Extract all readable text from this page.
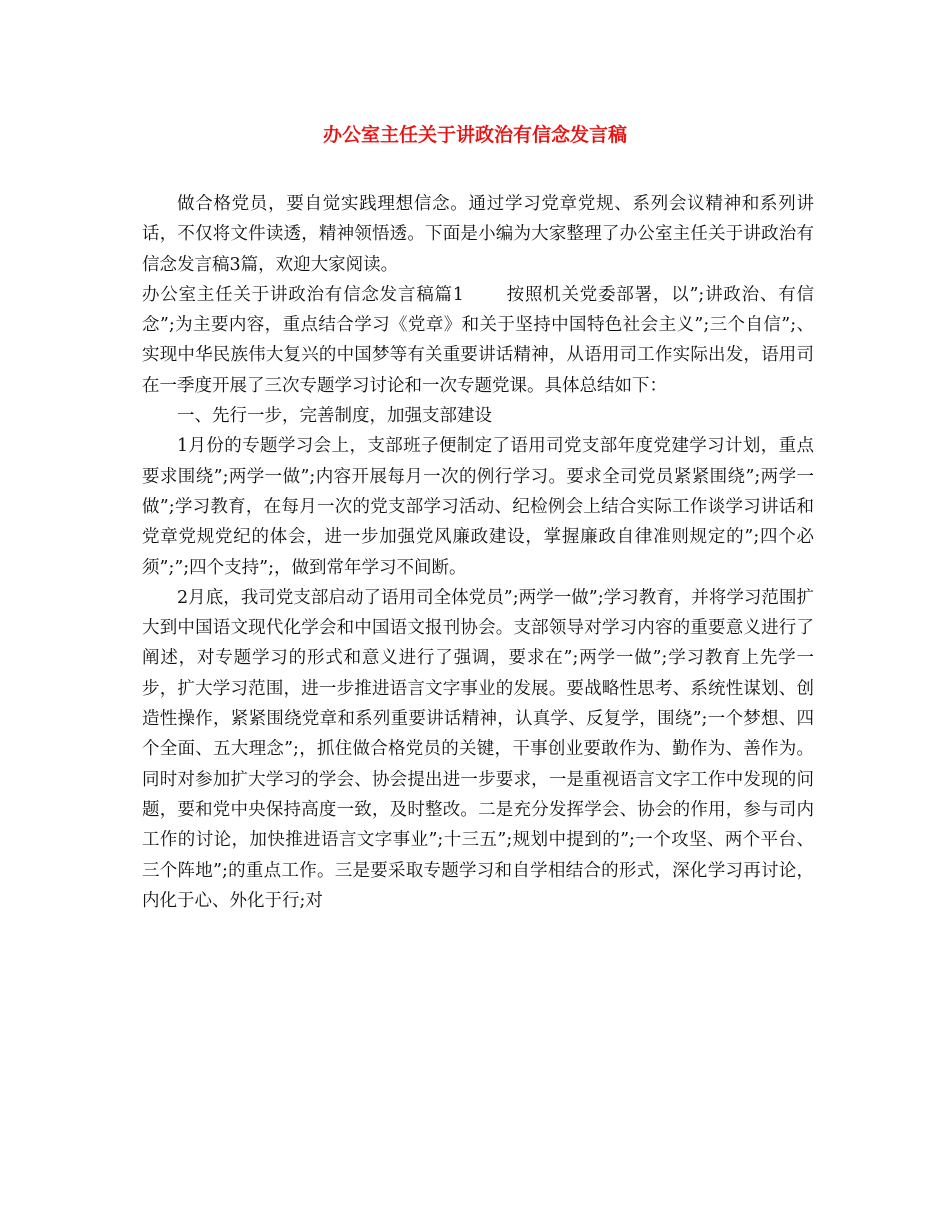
办公室主任关于讲政治有信念发言稿

做合格党员，要自觉实践理想信念。通过学习党章党规、系列会议精神和系列讲话，不仅将文件读透，精神领悟透。下面是小编为大家整理了办公室主任关于讲政治有信念发言稿3篇，欢迎大家阅读。

办公室主任关于讲政治有信念发言稿篇1 按照机关党委部署，以”;讲政治、有信念”;为主要内容，重点结合学习《党章》和关于坚持中国特色社会主义”;三个自信”;、实现中华民族伟大复兴的中国梦等有关重要讲话精神，从语用司工作实际出发，语用司在一季度开展了三次专题学习讨论和一次专题党课。具体总结如下：

一、先行一步，完善制度，加强支部建设

1月份的专题学习会上，支部班子便制定了语用司党支部年度党建学习计划，重点要求围绕”;两学一做”;内容开展每月一次的例行学习。要求全司党员紧紧围绕”;两学一做”;学习教育，在每月一次的党支部学习活动、纪检例会上结合实际工作谈学习讲话和党章党规党纪的体会，进一步加强党风廉政建设，掌握廉政自律准则规定的”;四个必须”;”;四个支持”;，做到常年学习不间断。

2月底，我司党支部启动了语用司全体党员”;两学一做”;学习教育，并将学习范围扩大到中国语文现代化学会和中国语文报刊协会。支部领导对学习内容的重要意义进行了阐述，对专题学习的形式和意义进行了强调，要求在”;两学一做”;学习教育上先学一步，扩大学习范围，进一步推进语言文字事业的发展。要战略性思考、系统性谋划、创造性操作，紧紧围绕党章和系列重要讲话精神，认真学、反复学，围绕”;一个梦想、四个全面、五大理念”;，抓住做合格党员的关键，干事创业要敢作为、勤作为、善作为。同时对参加扩大学习的学会、协会提出进一步要求，一是重视语言文字工作中发现的问题，要和党中央保持高度一致，及时整改。二是充分发挥学会、协会的作用，参与司内工作的讨论，加快推进语言文字事业”;十三五”;规划中提到的”;一个攻坚、两个平台、三个阵地”;的重点工作。三是要采取专题学习和自学相结合的形式，深化学习再讨论，内化于心、外化于行;对
